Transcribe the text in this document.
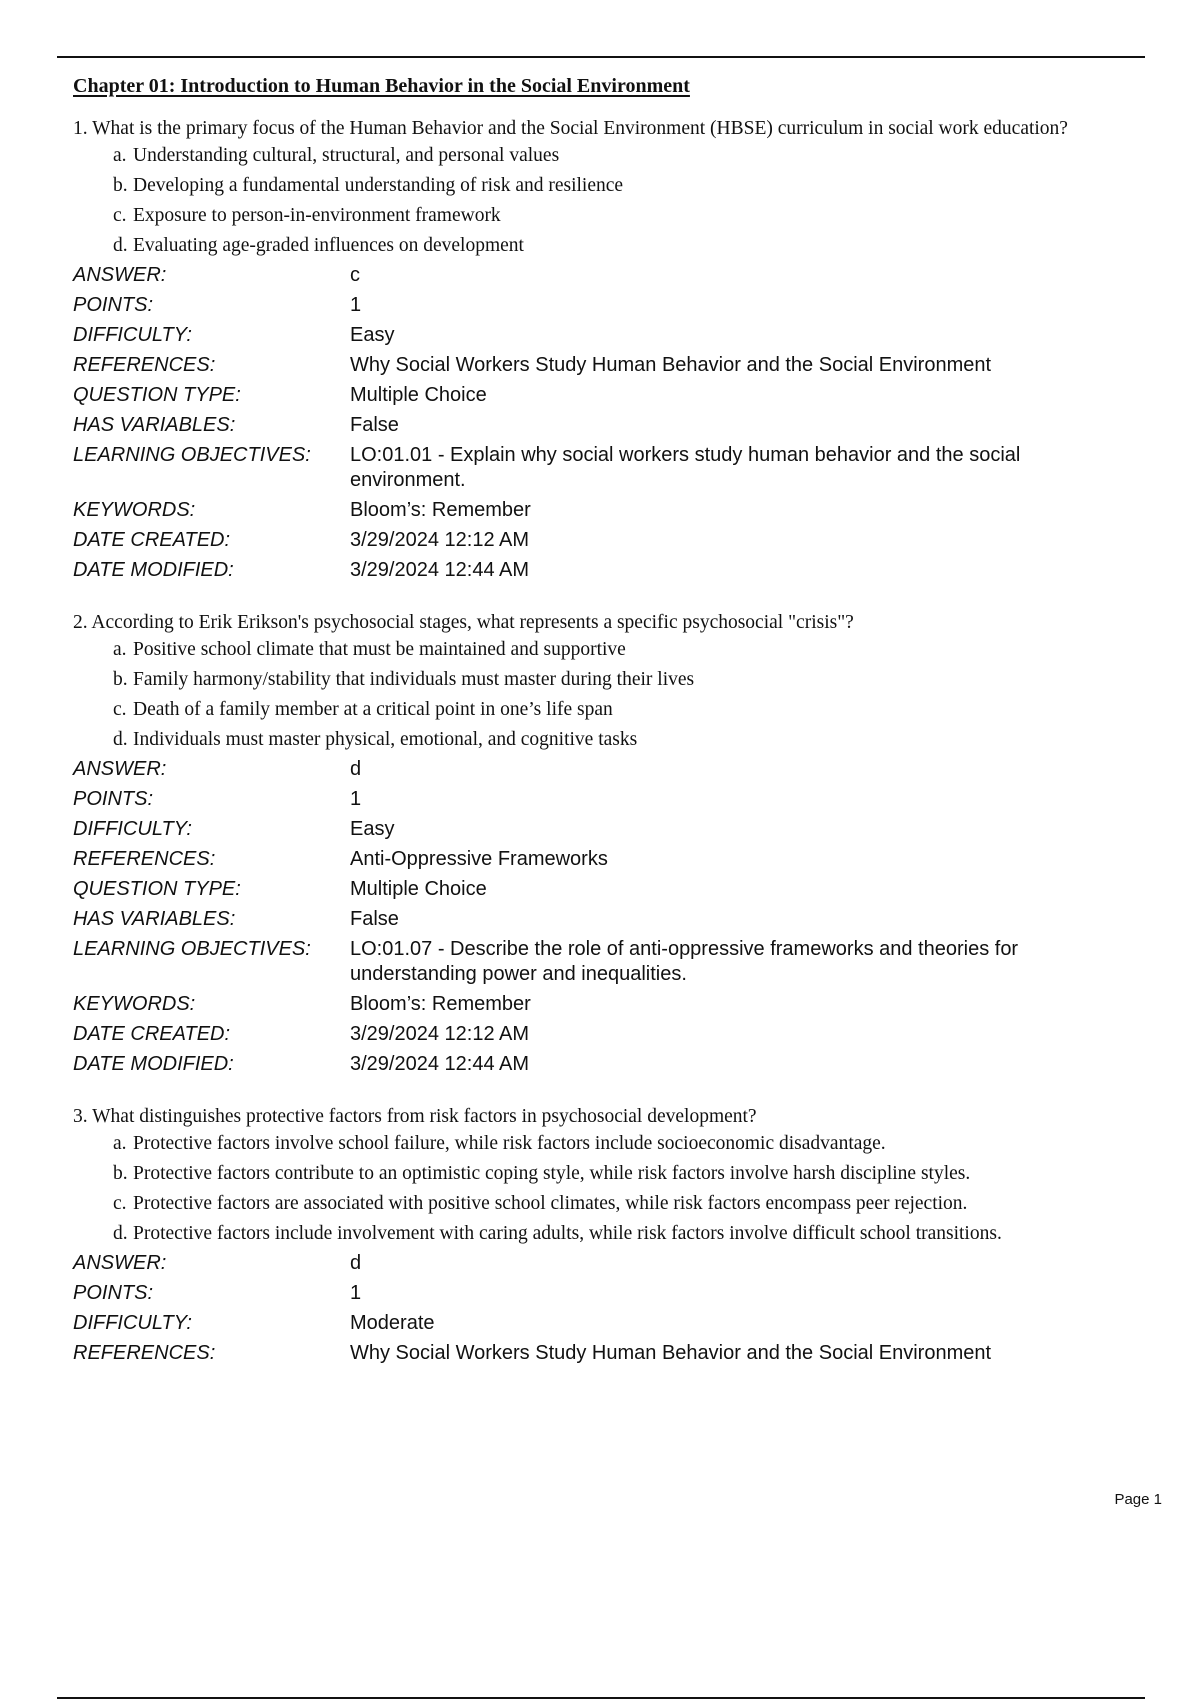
Chapter 01: Introduction to Human Behavior in the Social Environment

1. What is the primary focus of the Human Behavior and the Social Environment (HBSE) curriculum in social work education?

a. Understanding cultural, structural, and personal values
b. Developing a fundamental understanding of risk and resilience
c. Exposure to person-in-environment framework
d. Evaluating age-graded influences on development
ANSWER:	c
POINTS:	1
DIFFICULTY:	Easy
REFERENCES:	Why Social Workers Study Human Behavior and the Social Environment
QUESTION TYPE:	Multiple Choice
HAS VARIABLES:	False
LEARNING OBJECTIVES:	LO:01.01 - Explain why social workers study human behavior and the social environment.
KEYWORDS:	Bloom’s: Remember
DATE CREATED:	3/29/2024 12:12 AM
DATE MODIFIED:	3/29/2024 12:44 AM

2. According to Erik Erikson's psychosocial stages, what represents a specific psychosocial "crisis"?

a. Positive school climate that must be maintained and supportive
b. Family harmony/stability that individuals must master during their lives
c. Death of a family member at a critical point in one’s life span
d. Individuals must master physical, emotional, and cognitive tasks
ANSWER:	d
POINTS:	1
DIFFICULTY:	Easy
REFERENCES:	Anti-Oppressive Frameworks
QUESTION TYPE:	Multiple Choice
HAS VARIABLES:	False
LEARNING OBJECTIVES:	LO:01.07 - Describe the role of anti-oppressive frameworks and theories for understanding power and inequalities.
KEYWORDS:	Bloom’s: Remember
DATE CREATED:	3/29/2024 12:12 AM
DATE MODIFIED:	3/29/2024 12:44 AM

3. What distinguishes protective factors from risk factors in psychosocial development?

a. Protective factors involve school failure, while risk factors include socioeconomic disadvantage.
b. Protective factors contribute to an optimistic coping style, while risk factors involve harsh discipline styles.
c. Protective factors are associated with positive school climates, while risk factors encompass peer rejection.
d. Protective factors include involvement with caring adults, while risk factors involve difficult school transitions.
ANSWER:	d
POINTS:	1
DIFFICULTY:	Moderate
REFERENCES:	Why Social Workers Study Human Behavior and the Social Environment
Page 1
